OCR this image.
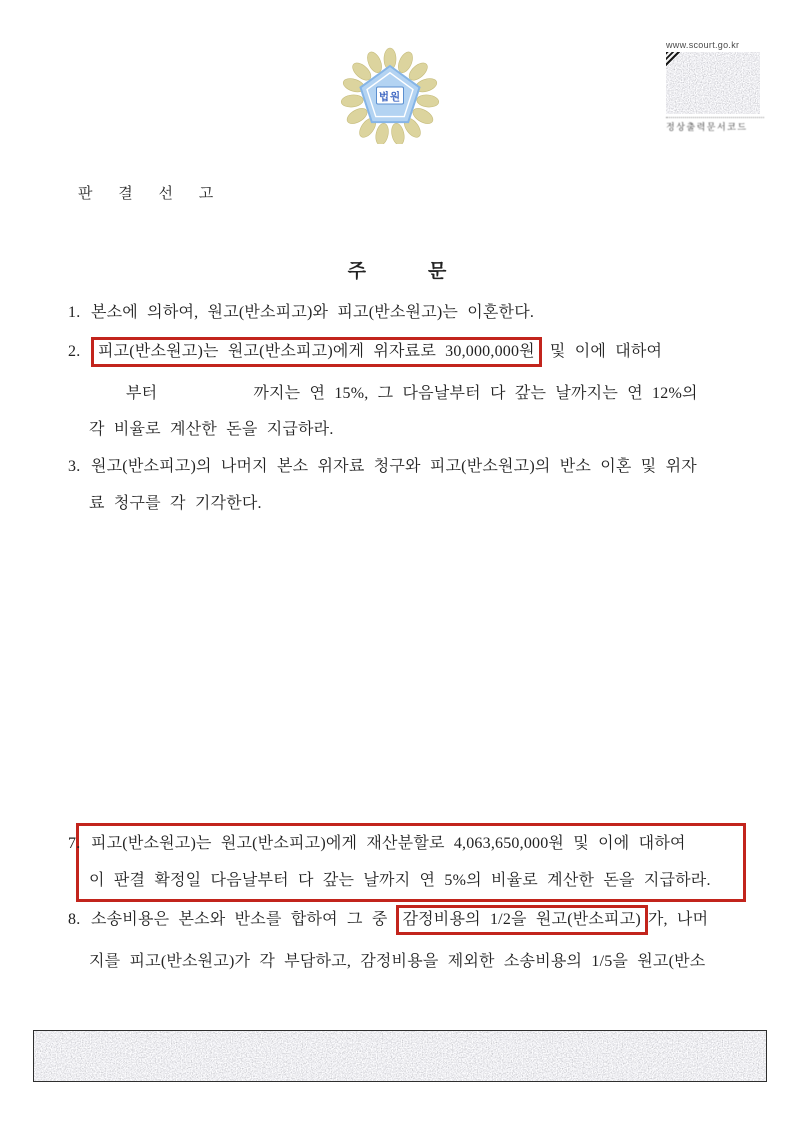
법원
www.scourt.go.kr
정상출력문서코드
판 결 선 고
주	문
1. 본소에 의하여, 원고(반소피고)와 피고(반소원고)는 이혼한다.
2. 피고(반소원고)는 원고(반소피고)에게 위자료로 30,000,000원 및 이에 대하여
부터	까지는 연 15%, 그 다음날부터 다 갚는 날까지는 연 12%의
각 비율로 계산한 돈을 지급하라.
3. 원고(반소피고)의 나머지 본소 위자료 청구와 피고(반소원고)의 반소 이혼 및 위자
료 청구를 각 기각한다.
7. 피고(반소원고)는 원고(반소피고)에게 재산분할로 4,063,650,000원 및 이에 대하여
이 판결 확정일 다음날부터 다 갚는 날까지 연 5%의 비율로 계산한 돈을 지급하라.
8. 소송비용은 본소와 반소를 합하여 그 중 감정비용의 1/2을 원고(반소피고) 가, 나머
지를 피고(반소원고)가 각 부담하고, 감정비용을 제외한 소송비용의 1/5을 원고(반소
